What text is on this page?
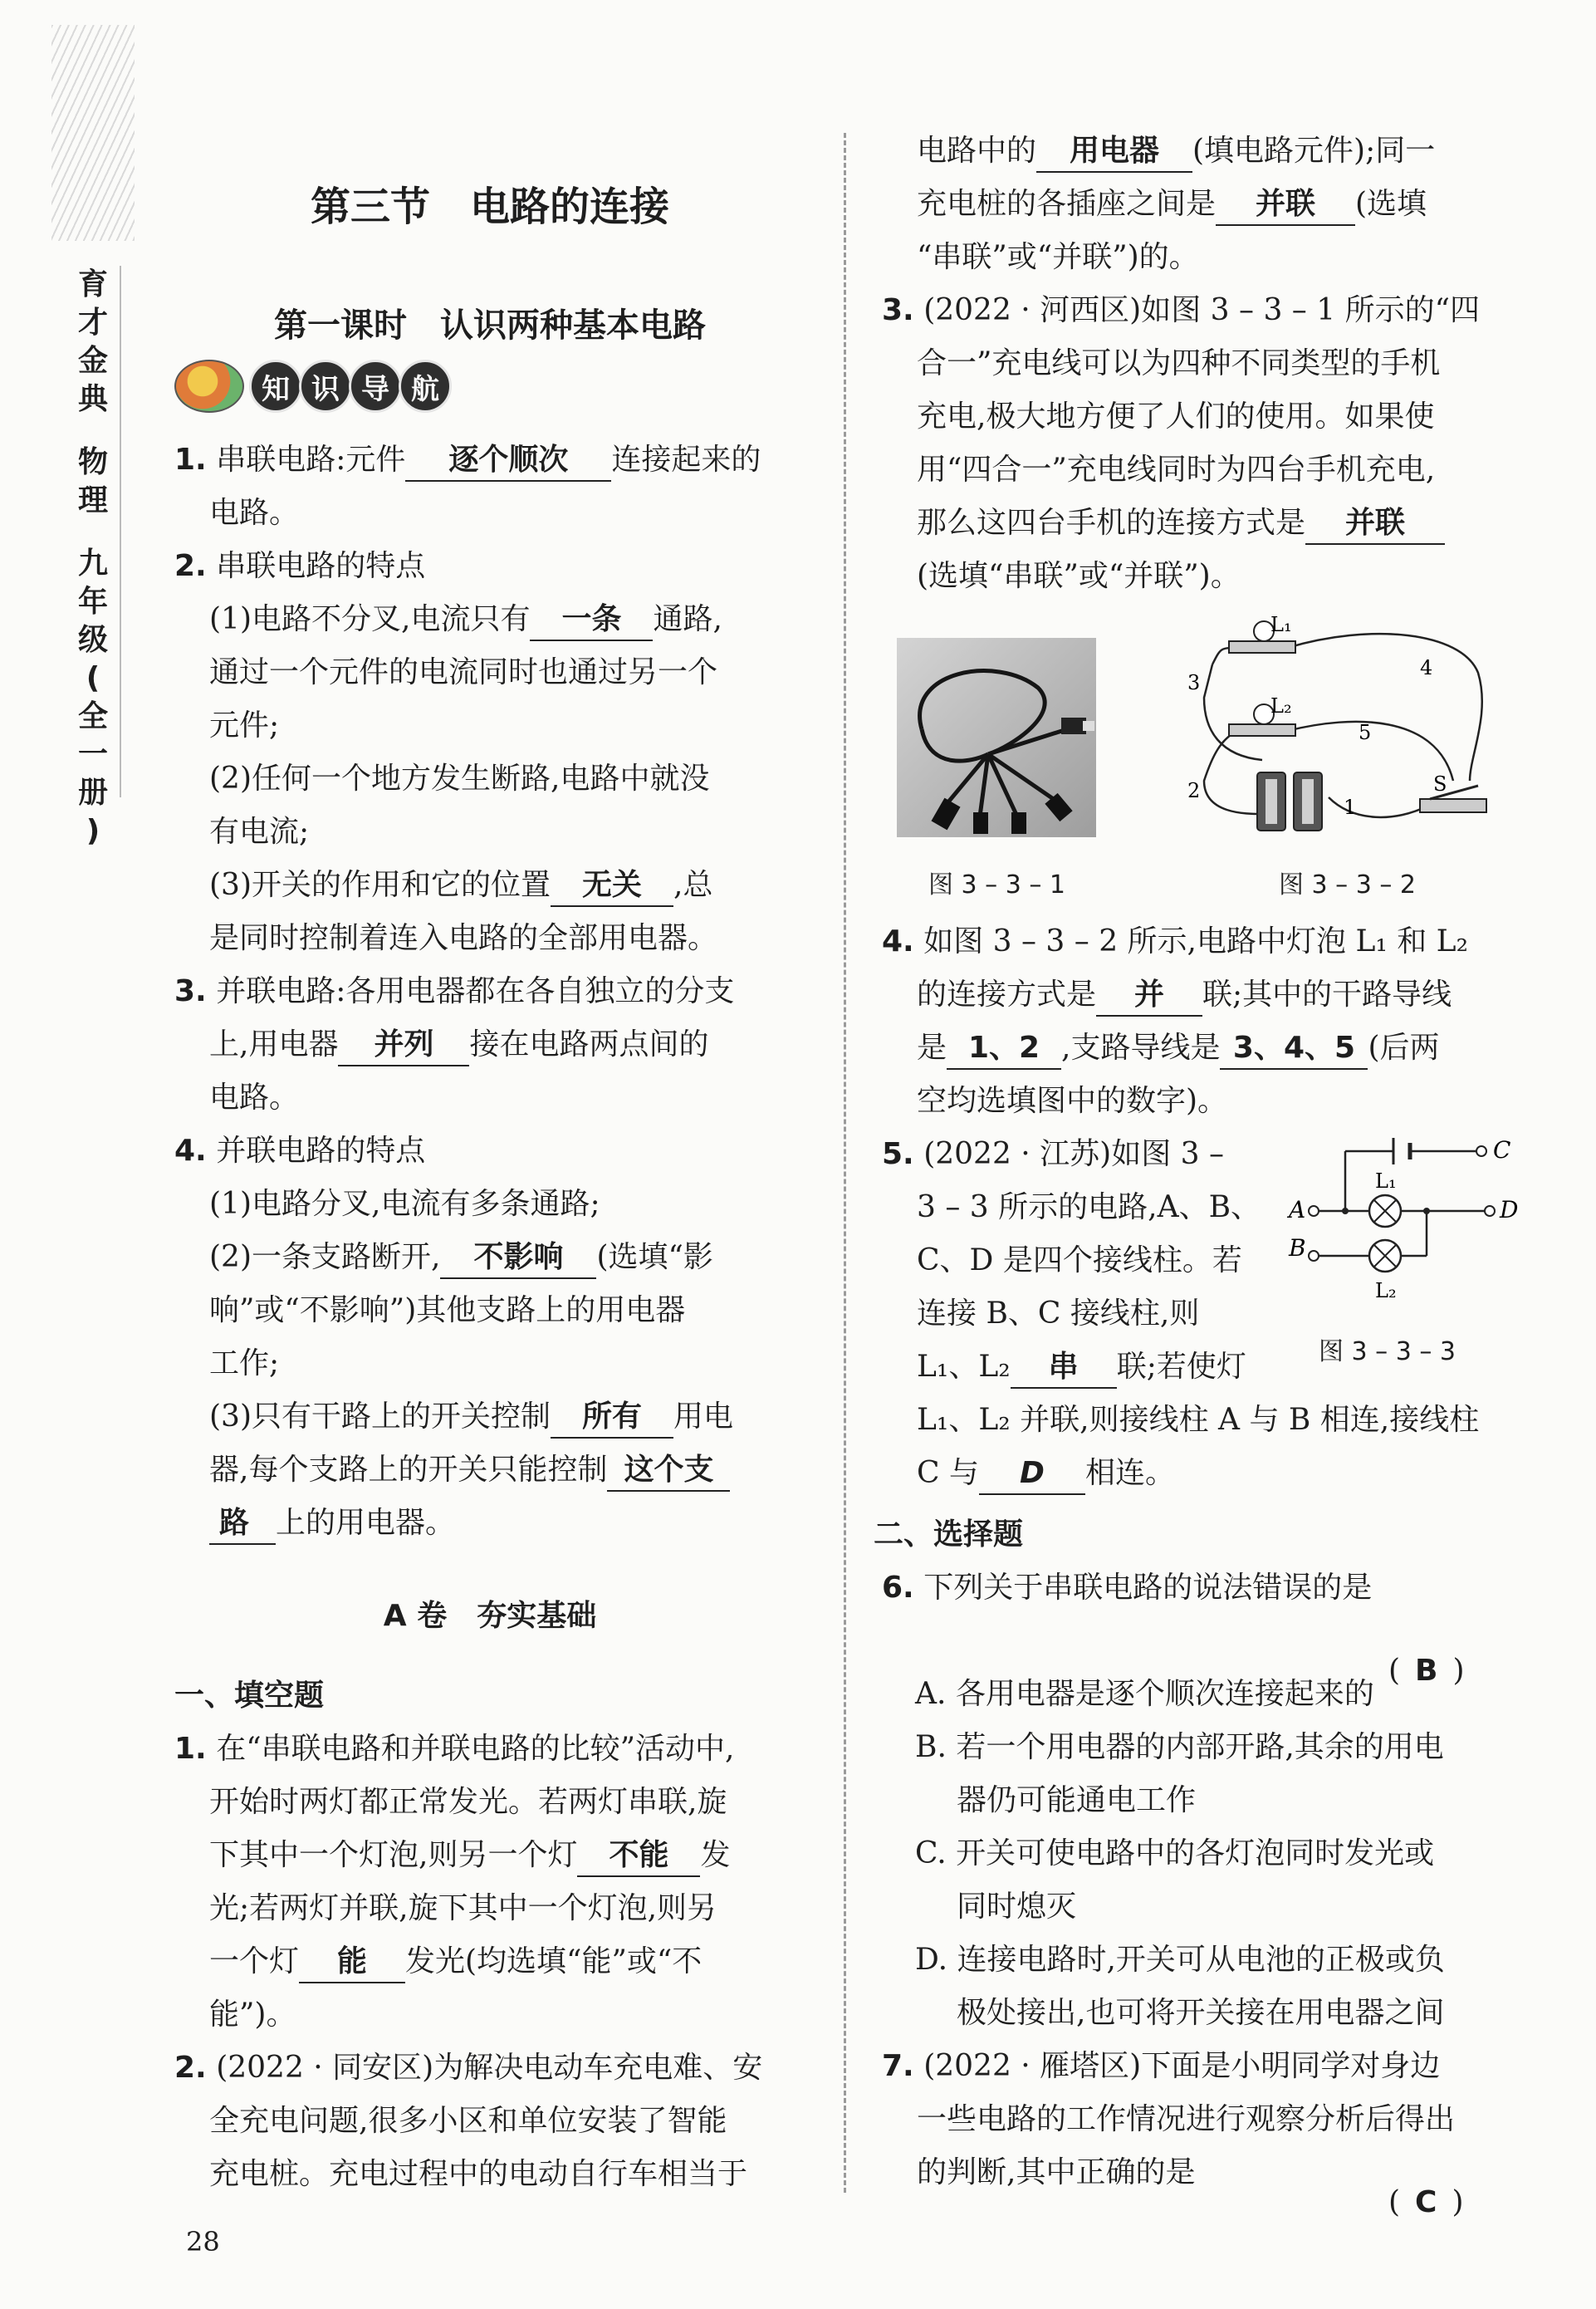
育
才
金
典
物
理
九
年
级
(
全
一
册
)
第三节　电路的连接
第一课时　认识两种基本电路
知 识 导 航

1. 串联电路:元件 逐个顺次 连接起来的

电路。

2. 串联电路的特点

(1)电路不分叉,电流只有 一条 通路,

通过一个元件的电流同时也通过另一个

元件;

(2)任何一个地方发生断路,电路中就没

有电流;

(3)开关的作用和它的位置 无关 ,总

是同时控制着连入电路的全部用电器。

3. 并联电路:各用电器都在各自独立的分支

上,用电器 并列 接在电路两点间的

电路。

4. 并联电路的特点

(1)电路分叉,电流有多条通路;

(2)一条支路断开, 不影响 (选填“影

响”或“不影响”)其他支路上的用电器

工作;

(3)只有干路上的开关控制 所有 用电

器,每个支路上的开关只能控制 这个支

路 上的用电器。

A 卷　夯实基础

一、填空题

1. 在“串联电路和并联电路的比较”活动中,

开始时两灯都正常发光。若两灯串联,旋

下其中一个灯泡,则另一个灯 不能 发

光;若两灯并联,旋下其中一个灯泡,则另

一个灯 能 发光(均选填“能”或“不

能”)。

2. (2022 · 同安区)为解决电动车充电难、安

全充电问题,很多小区和单位安装了智能

充电桩。充电过程中的电动自行车相当于

28

电路中的 用电器 (填电路元件);同一

充电桩的各插座之间是 并联 (选填

“串联”或“并联”)的。

3. (2022 · 河西区)如图 3 – 3 – 1 所示的“四

合一”充电线可以为四种不同类型的手机

充电,极大地方便了人们的使用。如果使

用“四合一”充电线同时为四台手机充电,

那么这四台手机的连接方式是 并联

(选填“串联”或“并联”)。

图 3 – 3 – 1
L₁
L₂
S
1
2
3
4
5
图 3 – 3 – 2

4. 如图 3 – 3 – 2 所示,电路中灯泡 L₁ 和 L₂

的连接方式是 并 联;其中的干路导线

是 1、2 ,支路导线是 3、4、5 (后两

空均选填图中的数字)。

5. (2022 · 江苏)如图 3 –

3 – 3 所示的电路,A、B、

C、D 是四个接线柱。若

连接 B、C 接线柱,则

L₁、L₂ 串 联;若使灯

L₁、L₂ 并联,则接线柱 A 与 B 相连,接线柱

C 与 D 相连。

C
A	D
B
L₁
L₂
图 3 – 3 – 3

二、选择题

6. 下列关于串联电路的说法错误的是

( B )

A. 各用电器是逐个顺次连接起来的

B. 若一个用电器的内部开路,其余的用电

器仍可能通电工作

C. 开关可使电路中的各灯泡同时发光或

同时熄灭

D. 连接电路时,开关可从电池的正极或负

极处接出,也可将开关接在用电器之间

7. (2022 · 雁塔区)下面是小明同学对身边

一些电路的工作情况进行观察分析后得出

的判断,其中正确的是

( C )
